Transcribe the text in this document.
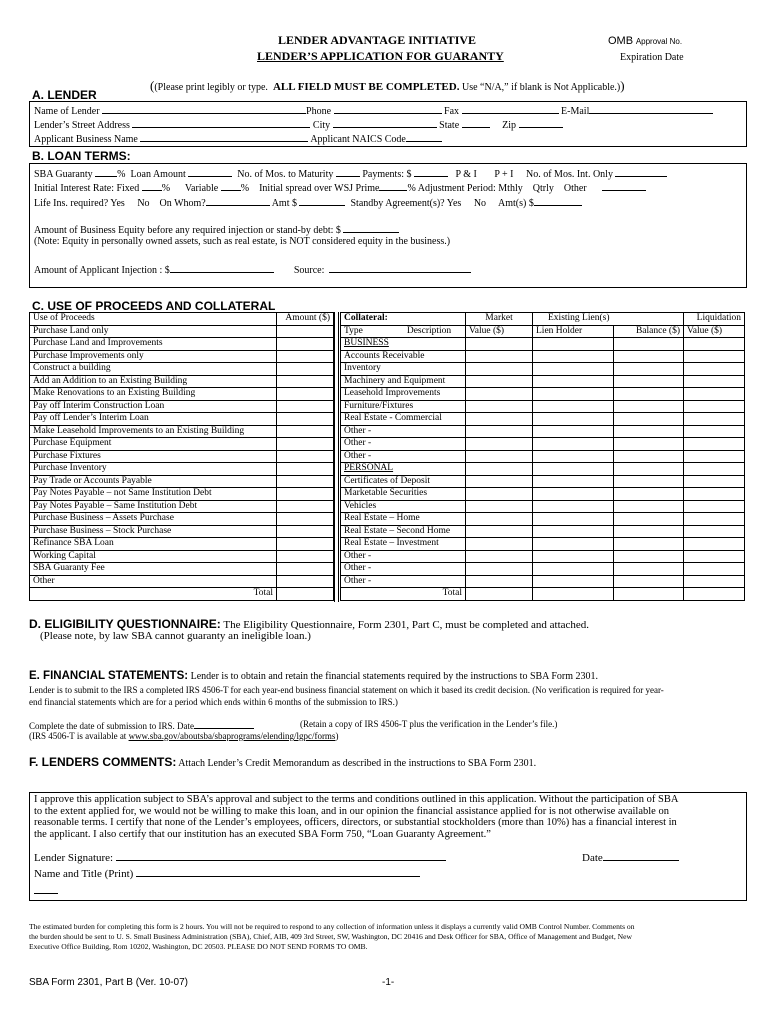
LENDER ADVANTAGE INITIATIVE
LENDER’S APPLICATION FOR GUARANTY
OMB Approval No.
Expiration Date
((Please print legibly or type. ALL FIELD MUST BE COMPLETED. Use “N/A,” if blank is Not Applicable.))
A. LENDER
Name of Lender	Phone	Fax	E-Mail
Lender’s Street Address	City	State	Zip
Applicant Business Name	Applicant NAICS Code
B. LOAN TERMS:
SBA Guaranty % Loan Amount	No. of Mos. to Maturity	Payments: $	P & I P + I No. of Mos. Int. Only
Initial Interest Rate: Fixed % Variable % Initial spread over WSJ Prime	% Adjustment Period: Mthly Qtrly Other
Life Ins. required? Yes No On Whom?	Amt $	Standby Agreement(s)? Yes No Amt(s) $
Amount of Business Equity before any required injection or stand-by debt: $
(Note: Equity in personally owned assets, such as real estate, is NOT considered equity in the business.)
Amount of Applicant Injection : $	Source:
C. USE OF PROCEEDS AND COLLATERAL
Use of Proceeds	Amount ($)
Purchase Land only	
Purchase Land and Improvements	
Purchase Improvements only	
Construct a building	
Add an Addition to an Existing Building	
Make Renovations to an Existing Building	
Pay off Interim Construction Loan	
Pay off Lender’s Interim Loan	
Make Leasehold Improvements to an Existing Building	
Purchase Equipment	
Purchase Fixtures	
Purchase Inventory	
Pay Trade or Accounts Payable	
Pay Notes Payable – not Same Institution Debt	
Pay Notes Payable – Same Institution Debt	
Purchase Business – Assets Purchase	
Purchase Business – Stock Purchase	
Refinance SBA Loan	
Working Capital	
SBA Guaranty Fee	
Other	
Total	
Collateral:	Market	Existing Lien(s)		Liquidation
Type Description	Value ($)	Lien Holder	Balance ($)	Value ($)
BUSINESS				
Accounts Receivable				
Inventory				
Machinery and Equipment				
Leasehold Improvements				
Furniture/Fixtures				
Real Estate - Commercial				
Other -				
Other -				
Other -				
PERSONAL				
Certificates of Deposit				
Marketable Securities				
Vehicles				
Real Estate – Home				
Real Estate – Second Home				
Real Estate – Investment				
Other -				
Other -				
Other -				
Total				
D. ELIGIBILITY QUESTIONNAIRE: The Eligibility Questionnaire, Form 2301, Part C, must be completed and attached.
(Please note, by law SBA cannot guaranty an ineligible loan.)
E. FINANCIAL STATEMENTS: Lender is to obtain and retain the financial statements required by the instructions to SBA Form 2301.
Lender is to submit to the IRS a completed IRS 4506-T for each year-end business financial statement on which it based its credit decision. (No verification is required for year-
end financial statements which are for a period which ends within 6 months of the submission to IRS.)
Complete the date of submission to IRS. Date	(Retain a copy of IRS 4506-T plus the verification in the Lender’s file.)
(IRS 4506-T is available at www.sba.gov/aboutsba/sbaprograms/elending/lgpc/forms)
F. LENDERS COMMENTS: Attach Lender’s Credit Memorandum as described in the instructions to SBA Form 2301.
I approve this application subject to SBA’s approval and subject to the terms and conditions outlined in this application. Without the participation of SBA
to the extent applied for, we would not be willing to make this loan, and in our opinion the financial assistance applied for is not otherwise available on
reasonable terms. I certify that none of the Lender’s employees, officers, directors, or substantial stockholders (more than 10%) has a financial interest in
the applicant. I also certify that our institution has an executed SBA Form 750, “Loan Guaranty Agreement.”
Lender Signature:	Date
Name and Title (Print)
The estimated burden for completing this form is 2 hours. You will not be required to respond to any collection of information unless it displays a currently valid OMB Control Number. Comments on
the burden should be sent to U. S. Small Business Administration (SBA), Chief, AIB, 409 3rd Street, SW, Washington, DC 20416 and Desk Officer for SBA, Office of Management and Budget, New
Executive Office Building, Rom 10202, Washington, DC 20503. PLEASE DO NOT SEND FORMS TO OMB.
SBA Form 2301, Part B (Ver. 10-07)	-1-
